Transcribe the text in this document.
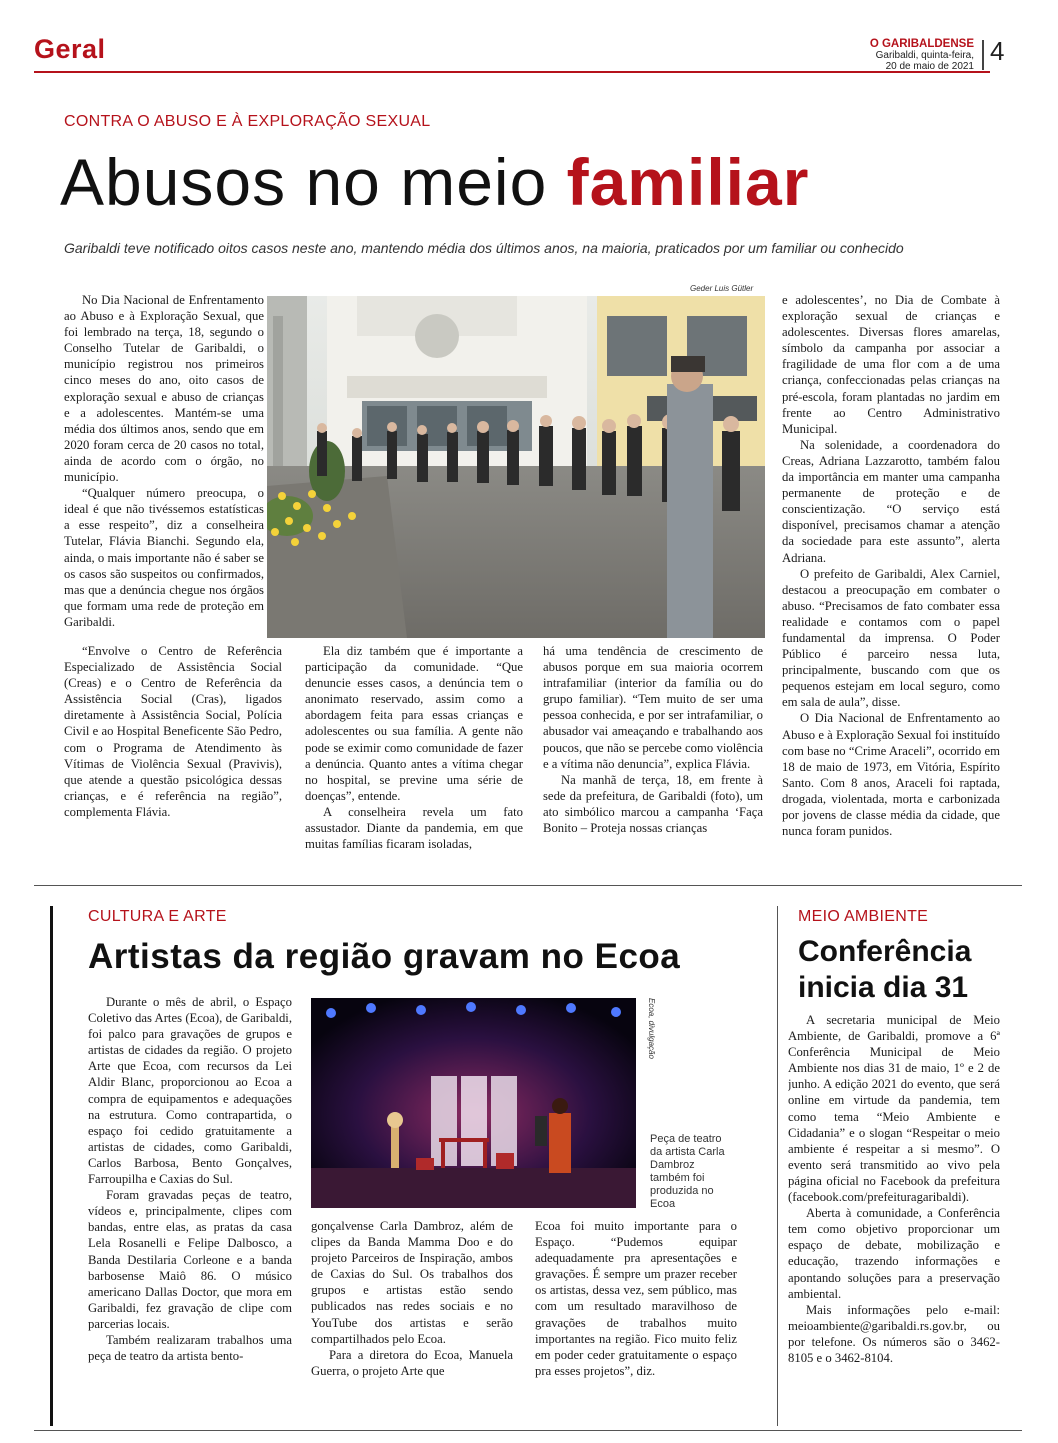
Geral	O GARIBALDENSE
Garibaldi, quinta-feira,
20 de maio de 2021
4
CONTRA O ABUSO E À EXPLORAÇÃO SEXUAL
Abusos no meio familiar
Garibaldi teve notificado oitos casos neste ano, mantendo média dos últimos anos, na maioria, praticados por um familiar ou conhecido

No Dia Nacional de Enfrentamento ao Abuso e à Exploração Sexual, que foi lembrado na terça, 18, segundo o Conselho Tutelar de Garibaldi, o município registrou nos primeiros cinco meses do ano, oito casos de exploração sexual e abuso de crianças e a adolescentes. Mantém-se uma média dos últimos anos, sendo que em 2020 foram cerca de 20 casos no total, ainda de acordo com o órgão, no município.

“Qualquer número preocupa, o ideal é que não tivéssemos estatísticas a esse respeito”, diz a conselheira Tutelar, Flávia Bianchi. Segundo ela, ainda, o mais importante não é saber se os casos são suspeitos ou confirmados, mas que a denúncia chegue nos órgãos que formam uma rede de proteção em Garibaldi.

“Envolve o Centro de Referência Especializado de Assistência Social (Creas) e o Centro de Referência da Assistência Social (Cras), ligados diretamente à Assistência Social, Polícia Civil e ao Hospital Beneficente São Pedro, com o Programa de Atendimento às Vítimas de Violência Sexual (Pravivis), que atende a questão psicológica dessas crianças, e é referência na região”, complementa Flávia.

Geder Luis Gütler

Ela diz também que é importante a participação da comunidade. “Que denuncie esses casos, a denúncia tem o anonimato reservado, assim como a abordagem feita para essas crianças e adolescentes ou sua família. A gente não pode se eximir como comunidade de fazer a denúncia. Quanto antes a vítima chegar no hospital, se previne uma série de doenças”, entende.

A conselheira revela um fato assustador. Diante da pandemia, em que muitas famílias ficaram isoladas,

há uma tendência de crescimento de abusos porque em sua maioria ocorrem intrafamiliar (interior da família ou do grupo familiar). “Tem muito de ser uma pessoa conhecida, e por ser intrafamiliar, o abusador vai ameaçando e trabalhando aos poucos, que não se percebe como violência e a vítima não denuncia”, explica Flávia.

Na manhã de terça, 18, em frente à sede da prefeitura, de Garibaldi (foto), um ato simbólico marcou a campanha ‘Faça Bonito – Proteja nossas crianças

e adolescentes’, no Dia de Combate à exploração sexual de crianças e adolescentes. Diversas flores amarelas, símbolo da campanha por associar a fragilidade de uma flor com a de uma criança, confeccionadas pelas crianças na pré-escola, foram plantadas no jardim em frente ao Centro Administrativo Municipal.

Na solenidade, a coordenadora do Creas, Adriana Lazzarotto, também falou da importância em manter uma campanha permanente de proteção e de conscientização. “O serviço está disponível, precisamos chamar a atenção da sociedade para este assunto”, alerta Adriana.

O prefeito de Garibaldi, Alex Carniel, destacou a preocupação em combater o abuso. “Precisamos de fato combater essa realidade e contamos com o papel fundamental da imprensa. O Poder Público é parceiro nessa luta, principalmente, buscando com que os pequenos estejam em local seguro, como em sala de aula”, disse.

O Dia Nacional de Enfrentamento ao Abuso e à Exploração Sexual foi instituído com base no “Crime Araceli”, ocorrido em 18 de maio de 1973, em Vitória, Espírito Santo. Com 8 anos, Araceli foi raptada, drogada, violentada, morta e carbonizada por jovens de classe média da cidade, que nunca foram punidos.

CULTURA E ARTE
Artistas da região gravam no Ecoa

Durante o mês de abril, o Espaço Coletivo das Artes (Ecoa), de Garibaldi, foi palco para gravações de grupos e artistas de cidades da região. O projeto Arte que Ecoa, com recursos da Lei Aldir Blanc, proporcionou ao Ecoa a compra de equipamentos e adequações na estrutura. Como contrapartida, o espaço foi cedido gratuitamente a artistas de cidades, como Garibaldi, Carlos Barbosa, Bento Gonçalves, Farroupilha e Caxias do Sul.

Foram gravadas peças de teatro, vídeos e, principalmente, clipes com bandas, entre elas, as pratas da casa Lela Rosanelli e Felipe Dalbosco, a Banda Destilaria Corleone e a banda barbosense Maiô 86. O músico americano Dallas Doctor, que mora em Garibaldi, fez gravação de clipe com parcerias locais.

Também realizaram trabalhos uma peça de teatro da artista bento-

Ecoa, divulgação
Peça de teatro da artista Carla Dambroz também foi produzida no Ecoa

gonçalvense Carla Dambroz, além de clipes da Banda Mamma Doo e do projeto Parceiros de Inspiração, ambos de Caxias do Sul. Os trabalhos dos grupos e artistas estão sendo publicados nas redes sociais e no YouTube dos artistas e serão compartilhados pelo Ecoa.

Para a diretora do Ecoa, Manuela Guerra, o projeto Arte que

Ecoa foi muito importante para o Espaço. “Pudemos equipar adequadamente pra apresentações e gravações. É sempre um prazer receber os artistas, dessa vez, sem público, mas com um resultado maravilhoso de gravações de trabalhos muito importantes na região. Fico muito feliz em poder ceder gratuitamente o espaço pra esses projetos”, diz.

MEIO AMBIENTE
Conferência
inicia dia 31

A secretaria municipal de Meio Ambiente, de Garibaldi, promove a 6ª Conferência Municipal de Meio Ambiente nos dias 31 de maio, 1º e 2 de junho. A edição 2021 do evento, que será online em virtude da pandemia, tem como tema “Meio Ambiente e Cidadania” e o slogan “Respeitar o meio ambiente é respeitar a si mesmo”. O evento será transmitido ao vivo pela página oficial no Facebook da prefeitura (facebook.com/prefeituragaribaldi).

Aberta à comunidade, a Conferência tem como objetivo proporcionar um espaço de debate, mobilização e educação, trazendo informações e apontando soluções para a preservação ambiental.

Mais informações pelo e-mail: meioambiente@garibaldi.rs.gov.br, ou por telefone. Os números são o 3462-8105 e o 3462-8104.
